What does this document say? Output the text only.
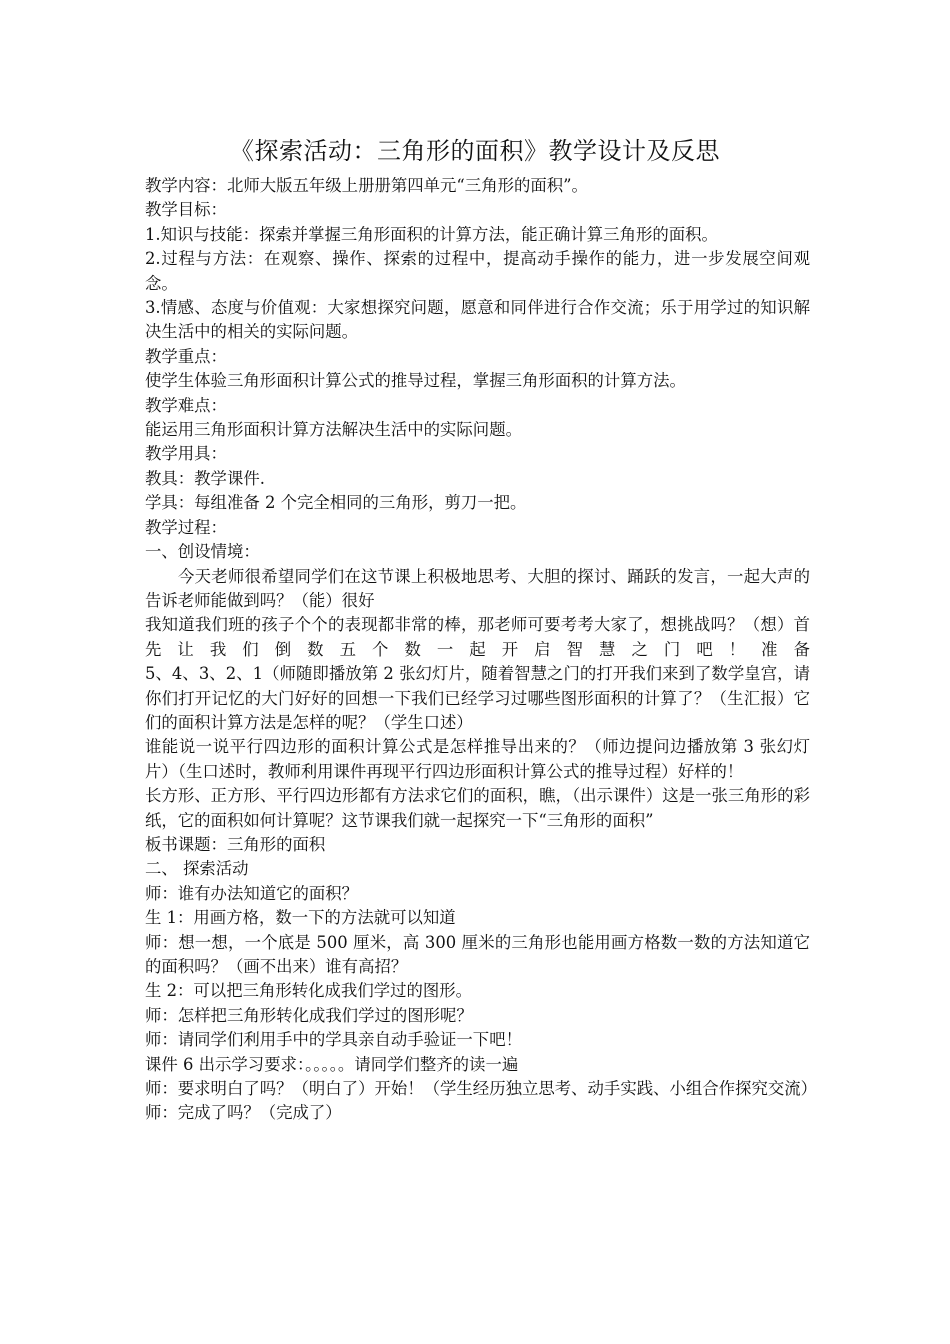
《探索活动：三角形的面积》教学设计及反思

教学内容：北师大版五年级上册册第四单元“三角形的面积”。

教学目标：

1.知识与技能：探索并掌握三角形面积的计算方法，能正确计算三角形的面积。

2.过程与方法：在观察、操作、探索的过程中，提高动手操作的能力，进一步发展空间观念。

3.情感、态度与价值观：大家想探究问题，愿意和同伴进行合作交流；乐于用学过的知识解决生活中的相关的实际问题。

教学重点：

使学生体验三角形面积计算公式的推导过程，掌握三角形面积的计算方法。

教学难点：

能运用三角形面积计算方法解决生活中的实际问题。

教学用具：

教具：教学课件.

学具：每组准备 2 个完全相同的三角形，剪刀一把。

教学过程：

一、创设情境：

今天老师很希望同学们在这节课上积极地思考、大胆的探讨、踊跃的发言，一起大声的告诉老师能做到吗？（能）很好

我知道我们班的孩子个个的表现都非常的棒，那老师可要考考大家了，想挑战吗？（想）首先让我们倒数五个数一起开启智慧之门吧！准备

5、4、3、2、1（师随即播放第 2 张幻灯片，随着智慧之门的打开我们来到了数学皇宫，请你们打开记忆的大门好好的回想一下我们已经学习过哪些图形面积的计算了？（生汇报）它们的面积计算方法是怎样的呢？（学生口述）

谁能说一说平行四边形的面积计算公式是怎样推导出来的？（师边提问边播放第 3 张幻灯片）（生口述时，教师利用课件再现平行四边形面积计算公式的推导过程）好样的！

长方形、正方形、平行四边形都有方法求它们的面积，瞧，（出示课件）这是一张三角形的彩纸，它的面积如何计算呢？这节课我们就一起探究一下“三角形的面积”

板书课题：三角形的面积

二、 探索活动

师：谁有办法知道它的面积？

生 1：用画方格，数一下的方法就可以知道

师：想一想，一个底是 500 厘米，高 300 厘米的三角形也能用画方格数一数的方法知道它的面积吗？（画不出来）谁有高招？

生 2：可以把三角形转化成我们学过的图形。

师：怎样把三角形转化成我们学过的图形呢？

师：请同学们利用手中的学具亲自动手验证一下吧！

课件 6 出示学习要求：。。。。。请同学们整齐的读一遍

师：要求明白了吗？（明白了）开始！（学生经历独立思考、动手实践、小组合作探究交流）

师：完成了吗？（完成了）
